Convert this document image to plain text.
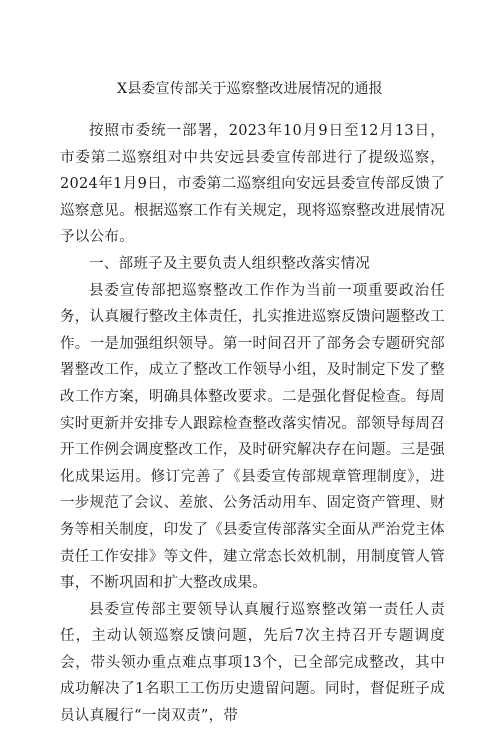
X县委宣传部关于巡察整改进展情况的通报

按照市委统一部署，2023年10月9日至12月13日，市委第二巡察组对中共安远县委宣传部进行了提级巡察，2024年1月9日，市委第二巡察组向安远县委宣传部反馈了巡察意见。根据巡察工作有关规定，现将巡察整改进展情况予以公布。

一、部班子及主要负责人组织整改落实情况

县委宣传部把巡察整改工作作为当前一项重要政治任务，认真履行整改主体责任，扎实推进巡察反馈问题整改工作。一是加强组织领导。第一时间召开了部务会专题研究部署整改工作，成立了整改工作领导小组，及时制定下发了整改工作方案，明确具体整改要求。二是强化督促检查。每周实时更新并安排专人跟踪检查整改落实情况。部领导每周召开工作例会调度整改工作，及时研究解决存在问题。三是强化成果运用。修订完善了《县委宣传部规章管理制度》，进一步规范了会议、差旅、公务活动用车、固定资产管理、财务等相关制度，印发了《县委宣传部落实全面从严治党主体责任工作安排》等文件，建立常态长效机制，用制度管人管事，不断巩固和扩大整改成果。

县委宣传部主要领导认真履行巡察整改第一责任人责任，主动认领巡察反馈问题，先后7次主持召开专题调度会，带头领办重点难点事项13个，已全部完成整改，其中成功解决了1名职工工伤历史遗留问题。同时，督促班子成员认真履行“一岗双责”，带
